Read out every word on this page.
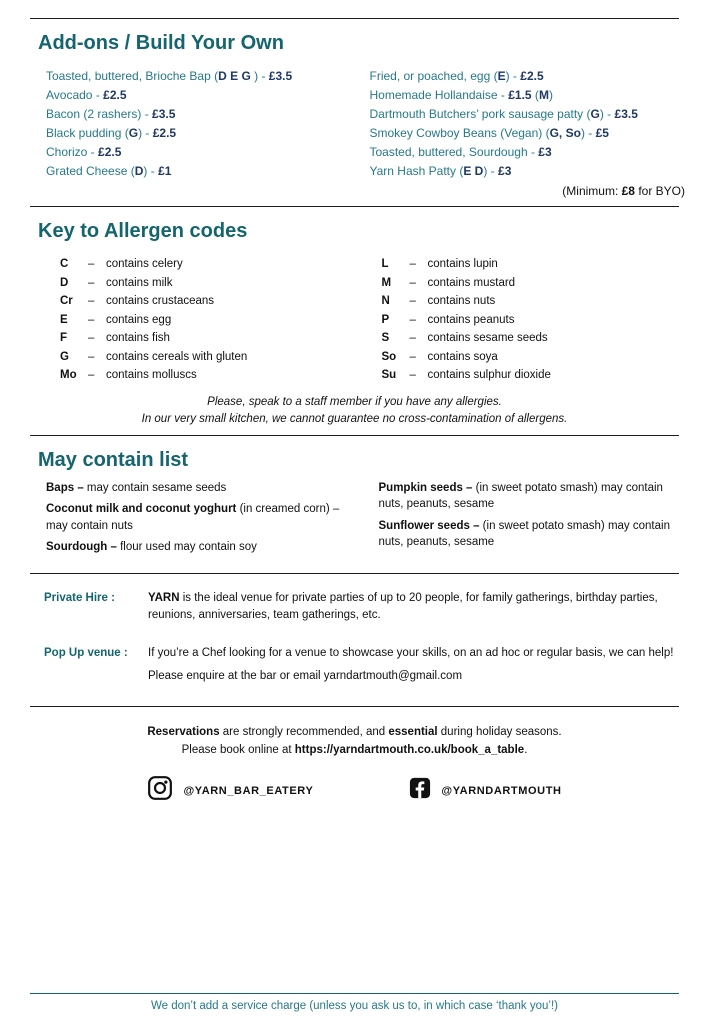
Add-ons / Build Your Own
Toasted, buttered, Brioche Bap (D E G ) - £3.5
Avocado - £2.5
Bacon (2 rashers) - £3.5
Black pudding (G) - £2.5
Chorizo - £2.5
Grated Cheese (D) - £1
Fried, or poached, egg (E) - £2.5
Homemade Hollandaise - £1.5 (M)
Dartmouth Butchers’ pork sausage patty (G) - £3.5
Smokey Cowboy Beans (Vegan) (G, So) - £5
Toasted, buttered, Sourdough - £3
Yarn Hash Patty (E D) - £3
(Minimum: £8 for BYO)
Key to Allergen codes
C	–	contains celery
D	–	contains milk
Cr	–	contains crustaceans
E	–	contains egg
F	–	contains fish
G	–	contains cereals with gluten
Mo –	contains molluscs
L	–	contains lupin
M	–	contains mustard
N	–	contains nuts
P	–	contains peanuts
S	–	contains sesame seeds
So	–	contains soya
Su	–	contains sulphur dioxide
Please, speak to a staff member if you have any allergies.
In our very small kitchen, we cannot guarantee no cross-contamination of allergens.
May contain list
Baps – may contain sesame seeds
Coconut milk and coconut yoghurt (in creamed corn) – may contain nuts
Sourdough – flour used may contain soy
Pumpkin seeds – (in sweet potato smash) may contain nuts, peanuts, sesame
Sunflower seeds – (in sweet potato smash) may contain nuts, peanuts, sesame
Private Hire :	YARN is the ideal venue for private parties of up to 20 people, for family gatherings, birthday parties, reunions, anniversaries, team gatherings, etc.
Pop Up venue :	If you’re a Chef looking for a venue to showcase your skills, on an ad hoc or regular basis, we can help!
Please enquire at the bar or email yarndartmouth@gmail.com
Reservations are strongly recommended, and essential during holiday seasons.
Please book online at https://yarndartmouth.co.uk/book_a_table.
@YARN_BAR_EATERY	@YARNDARTMOUTH
We don’t add a service charge (unless you ask us to, in which case ‘thank you’!)
